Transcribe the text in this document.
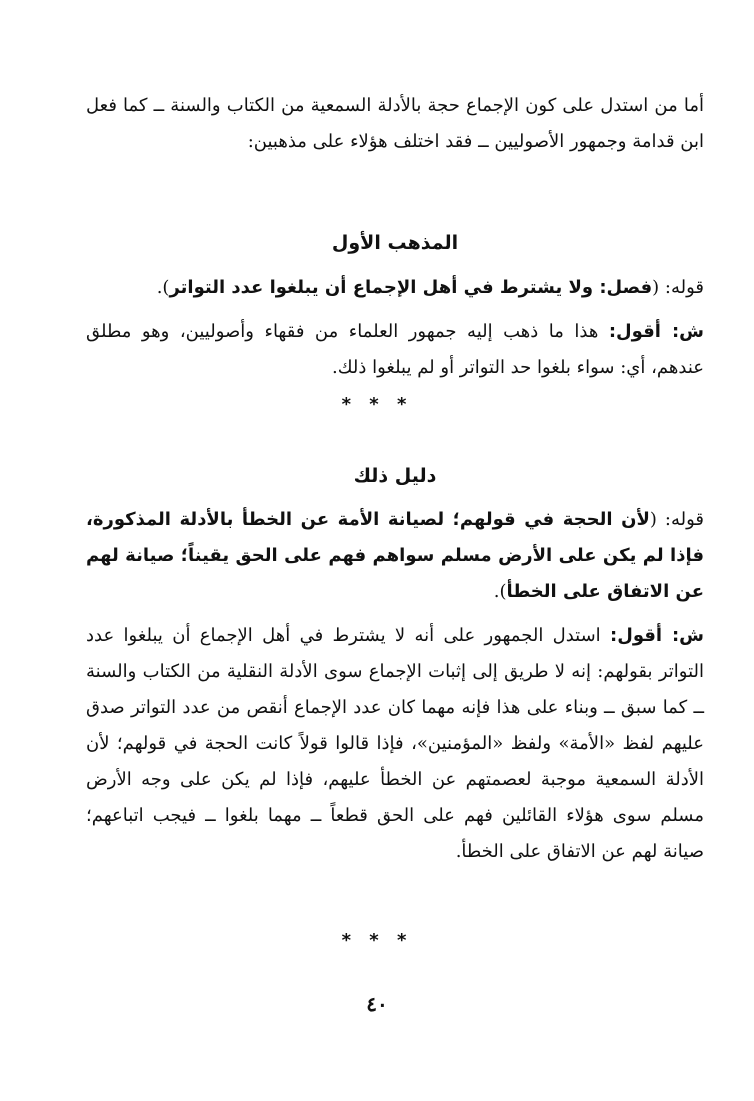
أما من استدل على كون الإجماع حجة بالأدلة السمعية من الكتاب والسنة ــ كما فعل ابن قدامة وجمهور الأصوليين ــ فقد اختلف هؤلاء على مذهبين:

المذهب الأول

قوله: (فصل: ولا يشترط في أهل الإجماع أن يبلغوا عدد التواتر).

ش: أقول: هذا ما ذهب إليه جمهور العلماء من فقهاء وأصوليين، وهو مطلق عندهم، أي: سواء بلغوا حد التواتر أو لم يبلغوا ذلك.

* * *
دليل ذلك

قوله: (لأن الحجة في قولهم؛ لصيانة الأمة عن الخطأ بالأدلة المذكورة، فإذا لم يكن على الأرض مسلم سواهم فهم على الحق يقيناً؛ صيانة لهم عن الاتفاق على الخطأ).

ش: أقول: استدل الجمهور على أنه لا يشترط في أهل الإجماع أن يبلغوا عدد التواتر بقولهم: إنه لا طريق إلى إثبات الإجماع سوى الأدلة النقلية من الكتاب والسنة ــ كما سبق ــ وبناء على هذا فإنه مهما كان عدد الإجماع أنقص من عدد التواتر صدق عليهم لفظ «الأمة» ولفظ «المؤمنين»، فإذا قالوا قولاً كانت الحجة في قولهم؛ لأن الأدلة السمعية موجبة لعصمتهم عن الخطأ عليهم، فإذا لم يكن على وجه الأرض مسلم سوى هؤلاء القائلين فهم على الحق قطعاً ــ مهما بلغوا ــ فيجب اتباعهم؛ صيانة لهم عن الاتفاق على الخطأ.

* * *
٤٠
